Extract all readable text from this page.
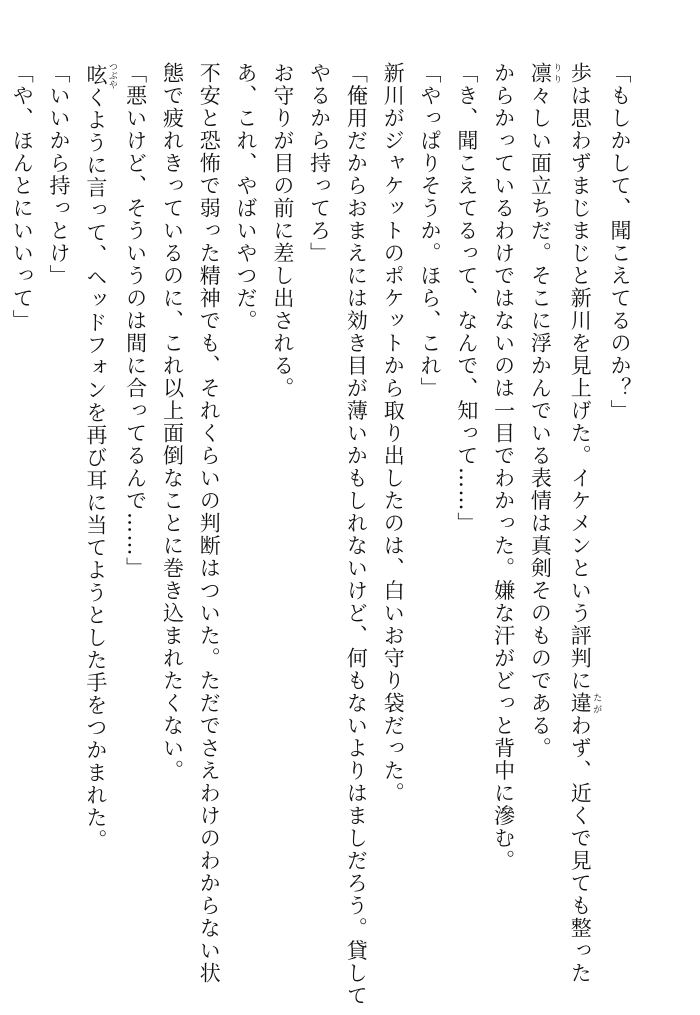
「もしかして、聞こえてるのか？」
歩は思わずまじまじと新川を見上げた。イケメンという評判に違 たがわず、近くで見ても整った
凛 りり々しい面立ちだ。そこに浮かんでいる表情は真剣そのものである。
からかっているわけではないのは一目でわかった。嫌な汗がどっと背中に滲む。
「き、聞こえてるって、なんで、知って……」
「やっぱりそうか。ほら、これ」
新川がジャケットのポケットから取り出したのは、白いお守り袋だった。
「俺用だからおまえには効き目が薄いかもしれないけど、何もないよりはましだろう。貸して
やるから持ってろ」
お守りが目の前に差し出される。
あ、これ、やばいやつだ。
不安と恐怖で弱った精神でも、それくらいの判断はついた。ただでさえわけのわからない状
態で疲れきっているのに、これ以上面倒なことに巻き込まれたくない。
「悪いけど、そういうのは間に合ってるんで……」
呟 つぶやくように言って、ヘッドフォンを再び耳に当てようとした手をつかまれた。
「いいから持っとけ」
「や、ほんとにいいって」
